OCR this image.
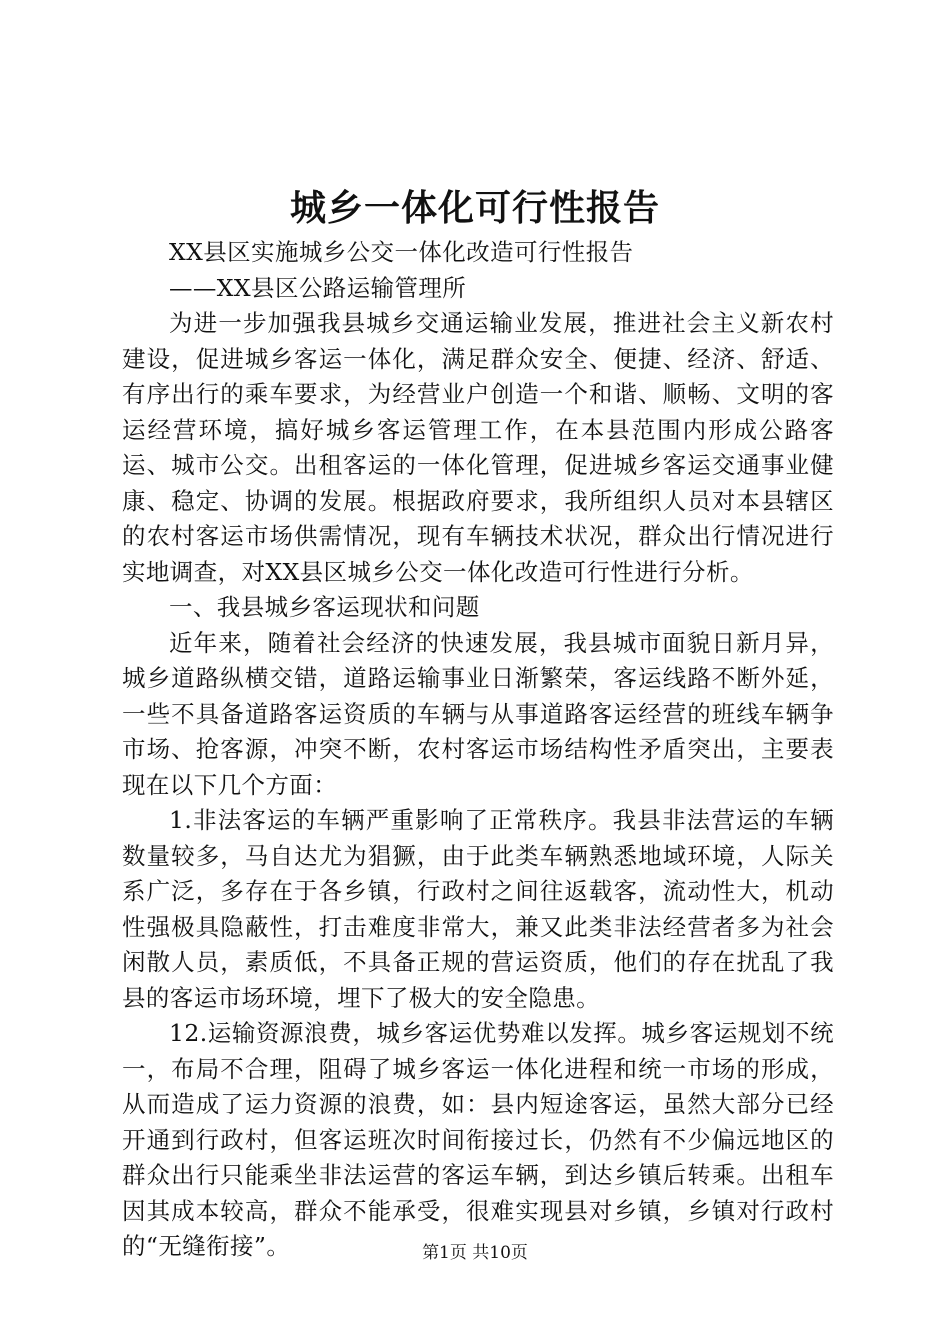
城乡一体化可行性报告

XX县区实施城乡公交一体化改造可行性报告

——XX县区公路运输管理所

为进一步加强我县城乡交通运输业发展，推进社会主义新农村建设，促进城乡客运一体化，满足群众安全、便捷、经济、舒适、有序出行的乘车要求，为经营业户创造一个和谐、顺畅、文明的客运经营环境，搞好城乡客运管理工作，在本县范围内形成公路客运、城市公交。出租客运的一体化管理，促进城乡客运交通事业健康、稳定、协调的发展。根据政府要求，我所组织人员对本县辖区的农村客运市场供需情况，现有车辆技术状况，群众出行情况进行实地调查，对XX县区城乡公交一体化改造可行性进行分析。

一、我县城乡客运现状和问题

近年来，随着社会经济的快速发展，我县城市面貌日新月异，城乡道路纵横交错，道路运输事业日渐繁荣，客运线路不断外延，一些不具备道路客运资质的车辆与从事道路客运经营的班线车辆争市场、抢客源，冲突不断，农村客运市场结构性矛盾突出，主要表现在以下几个方面：

1.非法客运的车辆严重影响了正常秩序。我县非法营运的车辆数量较多，马自达尤为猖獗，由于此类车辆熟悉地域环境，人际关系广泛，多存在于各乡镇，行政村之间往返载客，流动性大，机动性强极具隐蔽性，打击难度非常大，兼又此类非法经营者多为社会闲散人员，素质低，不具备正规的营运资质，他们的存在扰乱了我县的客运市场环境，埋下了极大的安全隐患。

12.运输资源浪费，城乡客运优势难以发挥。城乡客运规划不统一，布局不合理，阻碍了城乡客运一体化进程和统一市场的形成，从而造成了运力资源的浪费，如：县内短途客运，虽然大部分已经开通到行政村，但客运班次时间衔接过长，仍然有不少偏远地区的群众出行只能乘坐非法运营的客运车辆，到达乡镇后转乘。出租车因其成本较高，群众不能承受，很难实现县对乡镇，乡镇对行政村的“无缝衔接”。	第1页 共10页
